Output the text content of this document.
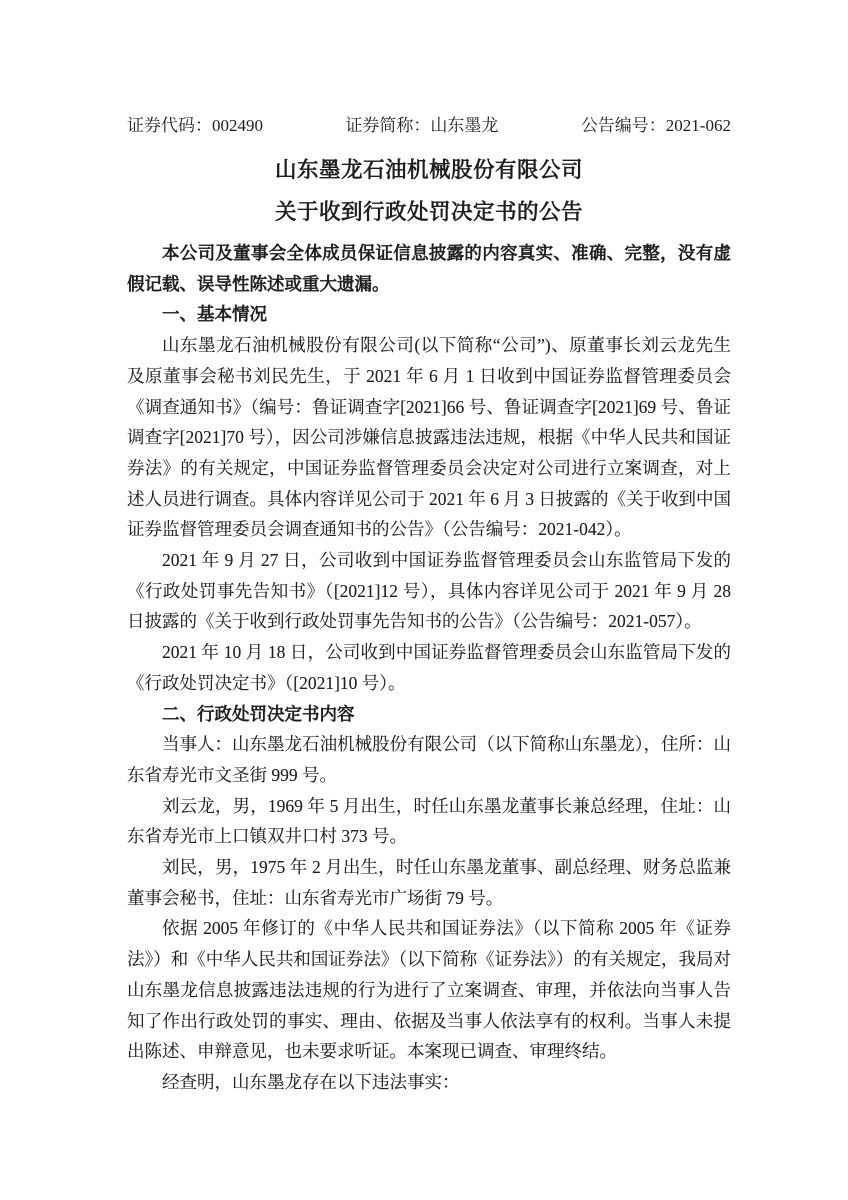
证券代码：002490	证券简称：山东墨龙	公告编号：2021-062
山东墨龙石油机械股份有限公司
关于收到行政处罚决定书的公告

本公司及董事会全体成员保证信息披露的内容真实、准确、完整，没有虚假记载、误导性陈述或重大遗漏。

一、基本情况

山东墨龙石油机械股份有限公司(以下简称“公司”)、原董事长刘云龙先生及原董事会秘书刘民先生，于 2021 年 6 月 1 日收到中国证券监督管理委员会《调查通知书》（编号：鲁证调查字[2021]66 号、鲁证调查字[2021]69 号、鲁证调查字[2021]70 号），因公司涉嫌信息披露违法违规，根据《中华人民共和国证券法》的有关规定，中国证券监督管理委员会决定对公司进行立案调查，对上述人员进行调查。具体内容详见公司于 2021 年 6 月 3 日披露的《关于收到中国证券监督管理委员会调查通知书的公告》（公告编号：2021-042）。

2021 年 9 月 27 日，公司收到中国证券监督管理委员会山东监管局下发的《行政处罚事先告知书》（[2021]12 号），具体内容详见公司于 2021 年 9 月 28 日披露的《关于收到行政处罚事先告知书的公告》（公告编号：2021-057）。

2021 年 10 月 18 日，公司收到中国证券监督管理委员会山东监管局下发的《行政处罚决定书》（[2021]10 号）。

二、行政处罚决定书内容

当事人：山东墨龙石油机械股份有限公司（以下简称山东墨龙），住所：山东省寿光市文圣街 999 号。

刘云龙，男，1969 年 5 月出生，时任山东墨龙董事长兼总经理，住址：山东省寿光市上口镇双井口村 373 号。

刘民，男，1975 年 2 月出生，时任山东墨龙董事、副总经理、财务总监兼董事会秘书，住址：山东省寿光市广场街 79 号。

依据 2005 年修订的《中华人民共和国证券法》（以下简称 2005 年《证券法》）和《中华人民共和国证券法》（以下简称《证券法》）的有关规定，我局对山东墨龙信息披露违法违规的行为进行了立案调查、审理，并依法向当事人告知了作出行政处罚的事实、理由、依据及当事人依法享有的权利。当事人未提出陈述、申辩意见，也未要求听证。本案现已调查、审理终结。

经查明，山东墨龙存在以下违法事实：
